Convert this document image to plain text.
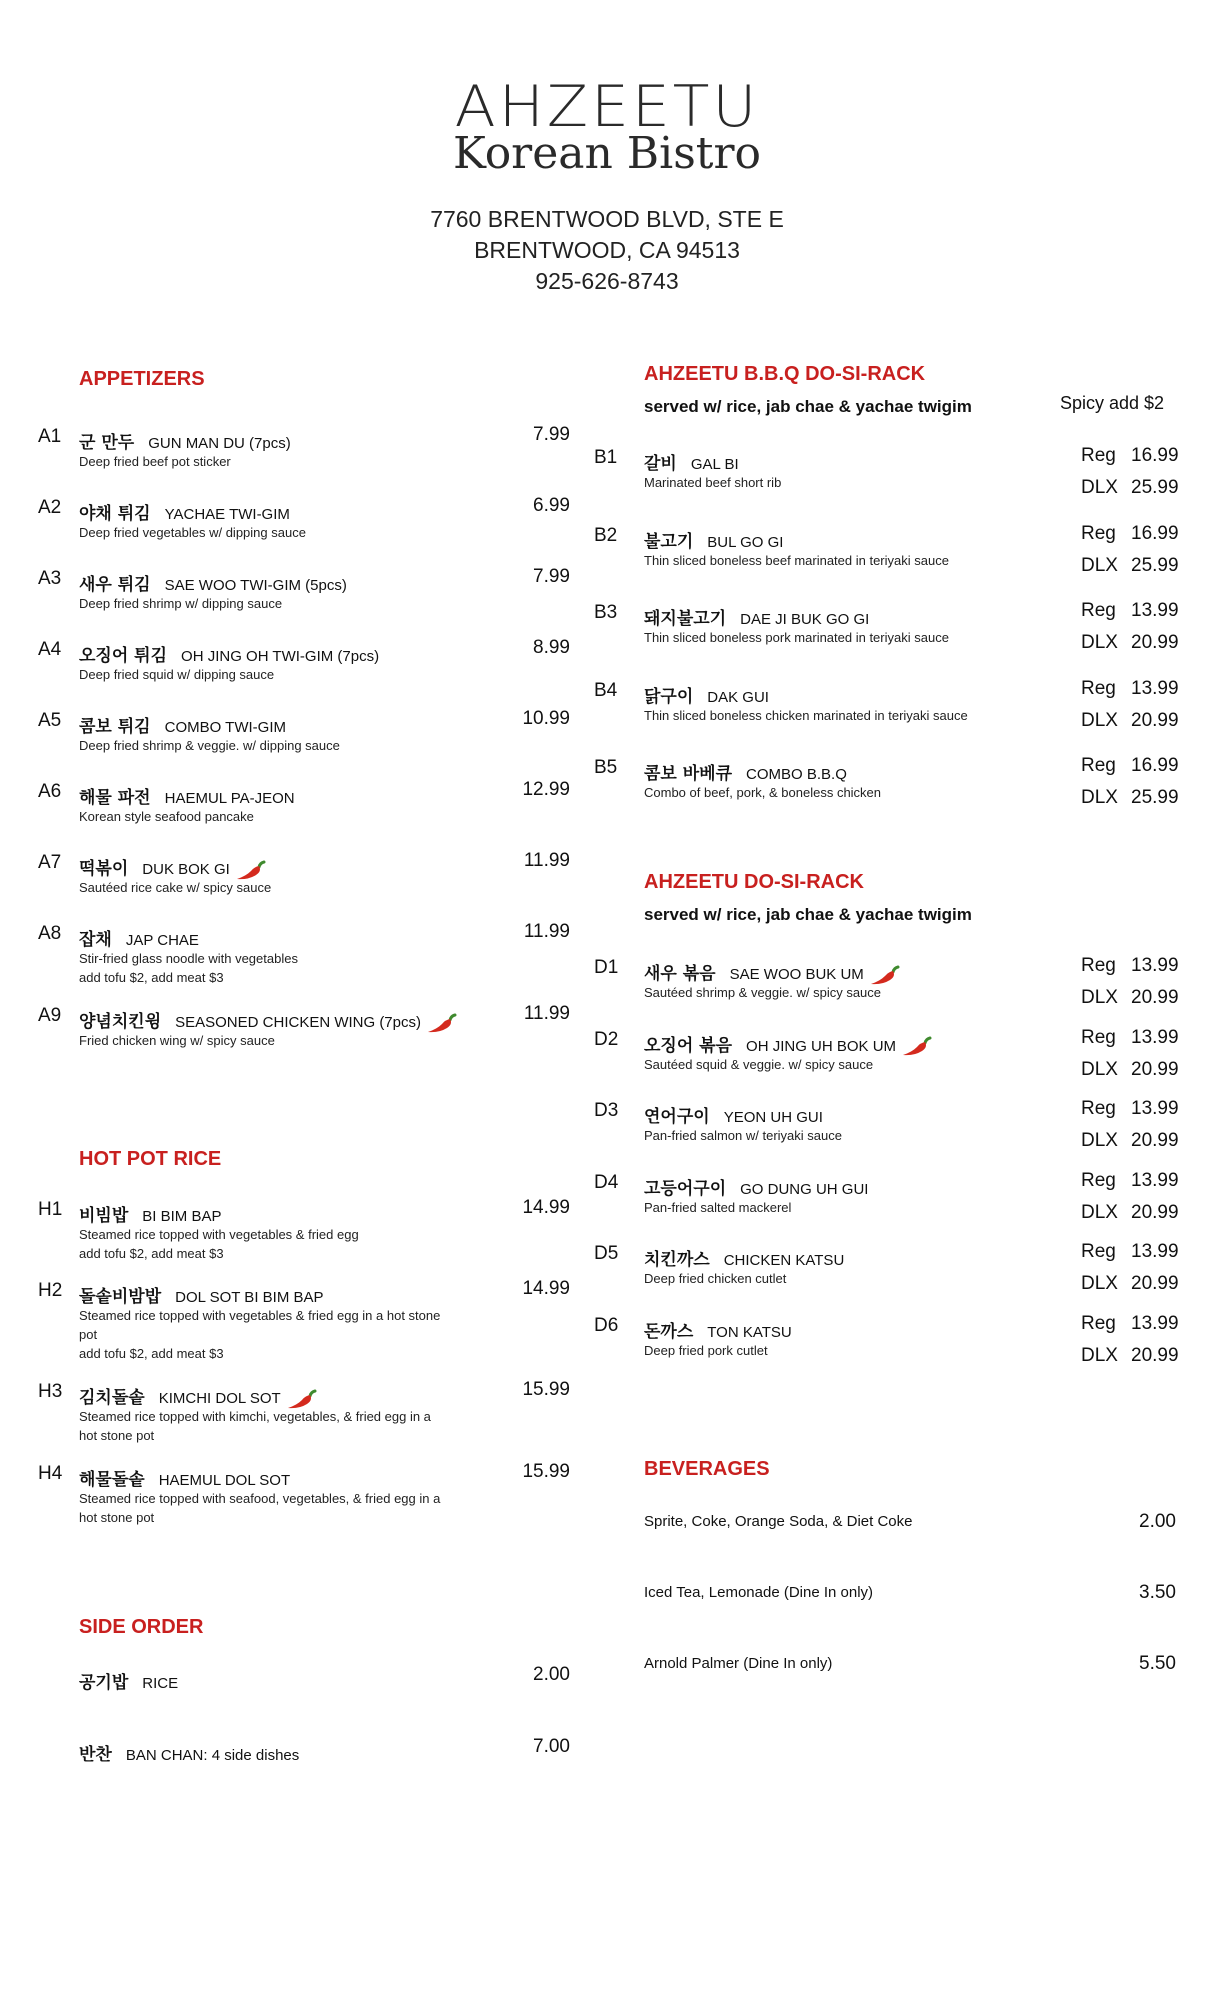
AHZEETU
Korean Bistro
7760 BRENTWOOD BLVD, STE E
BRENTWOOD, CA 94513
925-626-8743
APPETIZERS
A1 군 만두 GUN MAN DU (7pcs)	7.99
Deep fried beef pot sticker
A2 야채 튀김 YACHAE TWI-GIM	6.99
Deep fried vegetables w/ dipping sauce
A3 새우 튀김 SAE WOO TWI-GIM (5pcs)	7.99
Deep fried shrimp w/ dipping sauce
A4 오징어 튀김 OH JING OH TWI-GIM (7pcs)	8.99
Deep fried squid w/ dipping sauce
A5 콤보 튀김 COMBO TWI-GIM	10.99
Deep fried shrimp & veggie. w/ dipping sauce
A6 해물 파전 HAEMUL PA-JEON	12.99
Korean style seafood pancake
A7 떡볶이 DUK BOK GI	11.99
Sautéed rice cake w/ spicy sauce
A8 잡채 JAP CHAE	11.99
Stir-fried glass noodle with vegetables
add tofu $2, add meat $3
A9 양념치킨윙 SEASONED CHICKEN WING (7pcs)	11.99
Fried chicken wing w/ spicy sauce
HOT POT RICE
H1 비빔밥 BI BIM BAP	14.99
Steamed rice topped with vegetables & fried egg
add tofu $2, add meat $3
H2 돌솥비밤밥 DOL SOT BI BIM BAP	14.99
Steamed rice topped with vegetables & fried egg in a hot stone
pot
add tofu $2, add meat $3
H3 김치돌솥 KIMCHI DOL SOT	15.99
Steamed rice topped with kimchi, vegetables, & fried egg in a
hot stone pot
H4 해물돌솥 HAEMUL DOL SOT	15.99
Steamed rice topped with seafood, vegetables, & fried egg in a
hot stone pot
SIDE ORDER
공기밥 RICE	2.00
반찬 BAN CHAN: 4 side dishes	7.00
AHZEETU B.B.Q DO-SI-RACK
served w/ rice, jab chae & yachae twigim	Spicy add $2
B1 갈비 GAL BI
Marinated beef short rib
Reg 16.99
DLX 25.99
B2 불고기 BUL GO GI
Thin sliced boneless beef marinated in teriyaki sauce
Reg 16.99
DLX 25.99
B3 돼지불고기 DAE JI BUK GO GI
Thin sliced boneless pork marinated in teriyaki sauce
Reg 13.99
DLX 20.99
B4 닭구이 DAK GUI
Thin sliced boneless chicken marinated in teriyaki sauce
Reg 13.99
DLX 20.99
B5 콤보 바베큐 COMBO B.B.Q
Combo of beef, pork, & boneless chicken
Reg 16.99
DLX 25.99
AHZEETU DO-SI-RACK
served w/ rice, jab chae & yachae twigim
D1 새우 볶음 SAE WOO BUK UM
Sautéed shrimp & veggie. w/ spicy sauce
Reg 13.99
DLX 20.99
D2 오징어 볶음 OH JING UH BOK UM
Sautéed squid & veggie. w/ spicy sauce
Reg 13.99
DLX 20.99
D3 연어구이 YEON UH GUI
Pan-fried salmon w/ teriyaki sauce
Reg 13.99
DLX 20.99
D4 고등어구이 GO DUNG UH GUI
Pan-fried salted mackerel
Reg 13.99
DLX 20.99
D5 치킨까스 CHICKEN KATSU
Deep fried chicken cutlet
Reg 13.99
DLX 20.99
D6 돈까스 TON KATSU
Deep fried pork cutlet
Reg 13.99
DLX 20.99
BEVERAGES
Sprite, Coke, Orange Soda, & Diet Coke	2.00
Iced Tea, Lemonade (Dine In only)	3.50
Arnold Palmer (Dine In only)	5.50
